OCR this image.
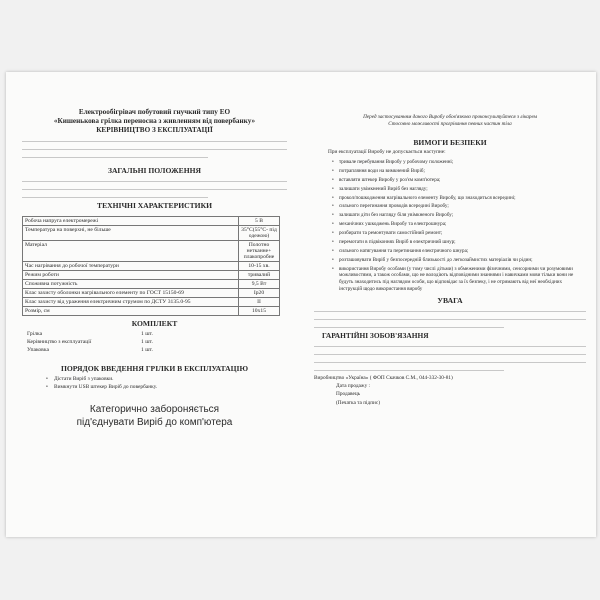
Електрообігрівач побутовий гнучкий типу ЕО
«Кишенькова грілка переносна з живленням від повербанку»
КЕРІВНИЦТВО З ЕКСПЛУАТАЦІЇ
ЗАГАЛЬНІ ПОЛОЖЕННЯ
ТЕХНІЧНІ ХАРАКТЕРИСТИКИ
Робоча напруга електромережі	5 В
Температура на поверхні, не більше	35°С(55°С- під одежою)
Матеріал	Полотно нетканне+ плакопробне
Час нагрівання до робочої температури	10-15 хв.
Режим роботи	тривалий
Споживна потужність	9,5 Вт
Клас захисту оболонки нагрівального елементу по ГОСТ 15150-69	Ip20
Клас захисту від ураження електричним струмом по ДСТУ 3135.0-95	II
Розмір, см	10x15
КОМПЛЕКТ
Грілка	1 шт.
Керівництво з експлуатації	1 шт.
Упаковка	1 шт.
ПОРЯДОК ВВЕДЕННЯ ГРІЛКИ В ЕКСПЛУАТАЦІЮ
• Дістати Виріб з упаковки.
• Вимкнути USB штекер Виріб до повербанку.
Категорично забороняється
під'єднувати Виріб до комп'ютера
Перед застосуванням даного Виробу обов'язково проконсультуйтеся з лікарем
Стосовно можливості прогрівання певних частин тіла
ВИМОГИ БЕЗПЕКИ
При експлуатації Виробу не допускається наступне:
• тривале перебування Виробу у робочому положенні;
• потрапляння води на вимкнений Виріб;
• вставляти штекер Виробу у роз'єм комп'ютера;
• залишати увімкнений Виріб без нагляду;
• прокол/пошкодження нагрівального елементу Виробу, що знаходиться всередині;
• сильного перегинання проводів всередині Виробу;
• залишати діти без нагляду біля увімкненого Виробу;
• механічних ушкоджень Виробу та електрошнура;
• розбирати та ремонтувати самостійний ремонт;
• перемотати в підвіконнях Виріб в електричний шнур;
• сильного натягування та перетинання електричного шнура;
• розташовувати Виріб у безпосередній близькості до легкозаймистих матеріалів чи рідин;
• використання Виробу особами (у тому числі дітьми) з обмеженими фізичними, сенсорними чи розумовими можливостями, а також особами, що не володіють відповідними знаннями і навичками мови тільки вони не будуть знаходитись під наглядом особи, що відповідає за їх безпеку, і не отримають від неї необхідних інструкцій щодо використання виробу
УВАГА
ГАРАНТІЙНІ ЗОБОВ'ЯЗАННЯ
Виробництво «Україна» ( ФОП Скачков С.М., 044-332-30-81)
Дата продажу :
Продавець
(Печатка та підпис)
